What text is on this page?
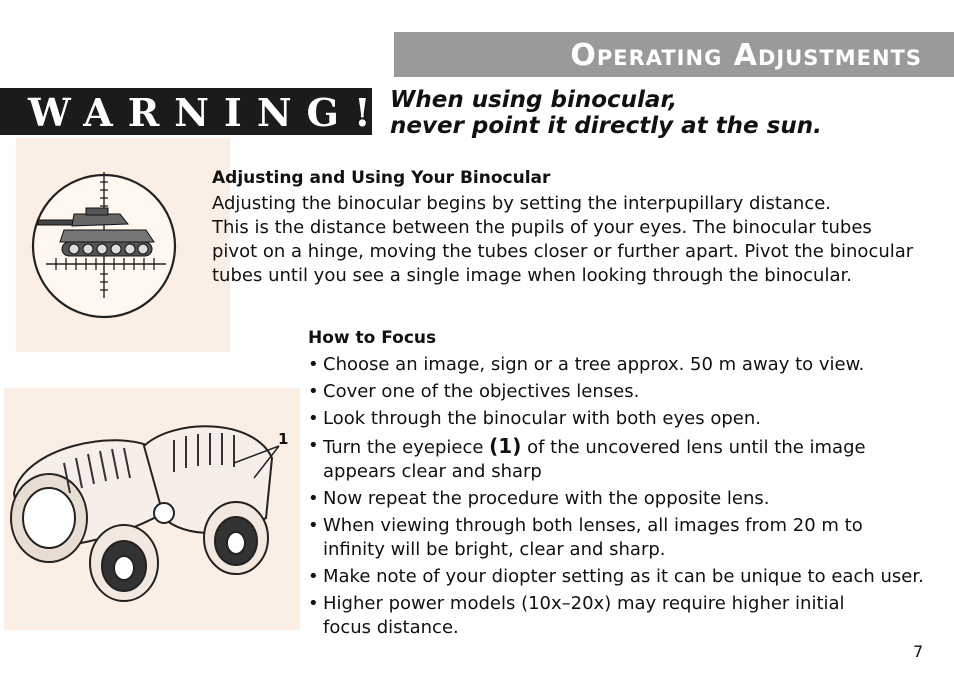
Operating Adjustments
WARNING! When using binocular,
never point it directly at the sun.
1
Adjusting and Using Your Binocular
Adjusting the binocular begins by setting the interpupillary distance.
This is the distance between the pupils of your eyes. The binocular tubes
pivot on a hinge, moving the tubes closer or further apart. Pivot the binocular
tubes until you see a single image when looking through the binocular.
How to Focus
• Choose an image, sign or a tree approx. 50 m away to view.
• Cover one of the objectives lenses.
• Look through the binocular with both eyes open.
• Turn the eyepiece (1) of the uncovered lens until the image
appears clear and sharp
• Now repeat the procedure with the opposite lens.
• When viewing through both lenses, all images from 20 m to
infinity will be bright, clear and sharp.
• Make note of your diopter setting as it can be unique to each user.
• Higher power models (10x–20x) may require higher initial
focus distance.
7
